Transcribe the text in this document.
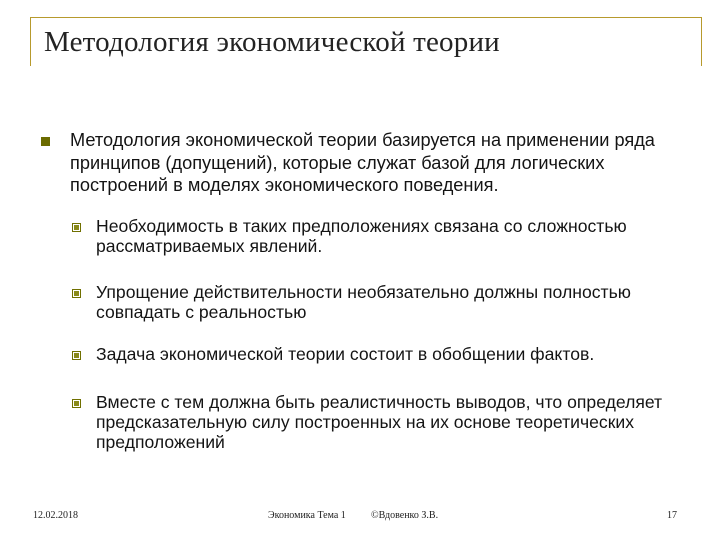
Методология экономической теории
Методология экономической теории базируется на применении ряда принципов (допущений), которые служат базой для логических построений в моделях экономического поведения.
Необходимость в таких предположениях связана со сложностью рассматриваемых явлений.
Упрощение действительности необязательно должны полностью совпадать с реальностью
Задача экономической теории состоит в обобщении фактов.
Вместе с тем должна быть реалистичность выводов, что определяет предсказательную силу построенных на их основе теоретических предположений
12.02.2018	Экономика Тема 1	©Вдовенко З.В.	17
